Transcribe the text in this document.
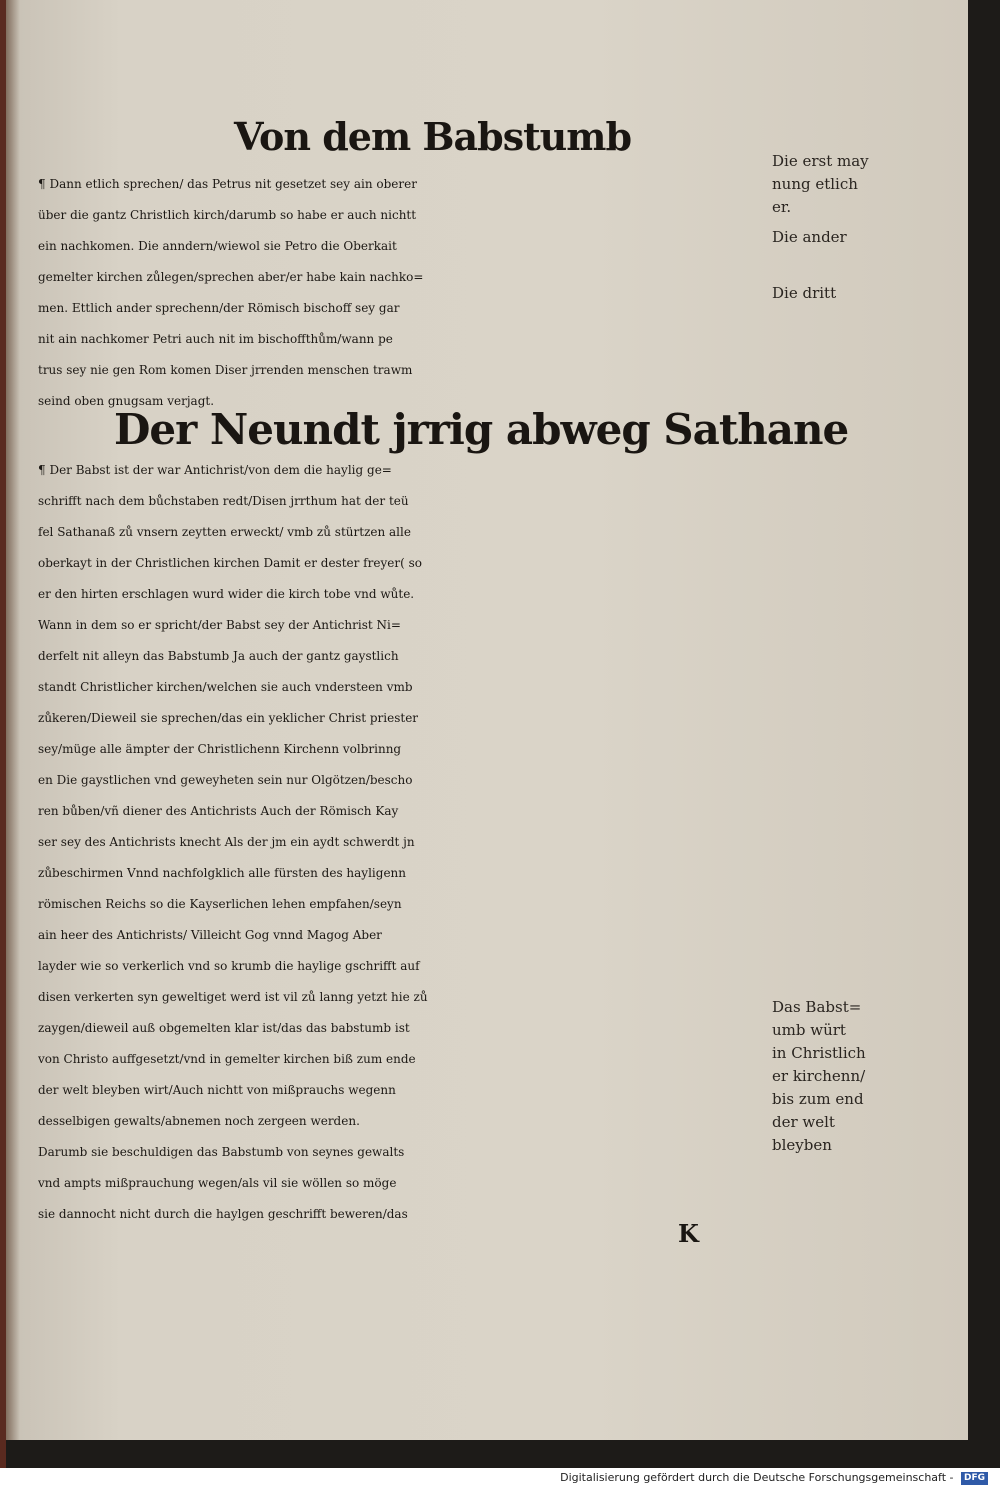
Von dem Babstumb
¶ Dann etlich sprechen/ das Petrus nit gesetzet sey ain oberer
über die gantz Christlich kirch/darumb so habe er auch nichtt
ein nachkomen. Die anndern/wiewol sie Petro die Oberkait
gemelter kirchen zůlegen/sprechen aber/er habe kain nachko=
men. Ettlich ander sprechenn/der Römisch bischoff sey gar
nit ain nachkomer Petri auch nit im bischoffthům/wann pe
trus sey nie gen Rom komen Diser jrrenden menschen trawm
seind oben gnugsam verjagt.
Der Neundt jrrig abweg Sathane
¶ Der Babst ist der war Antichrist/von dem die haylig ge=
schrifft nach dem bůchstaben redt/Disen jrrthum hat der teü
fel Sathanaß zů vnsern zeytten erweckt/ vmb zů stürtzen alle
oberkayt in der Christlichen kirchen Damit er dester freyer( so
er den hirten erschlagen wurd wider die kirch tobe vnd wůte.
Wann in dem so er spricht/der Babst sey der Antichrist Ni=
derfelt nit alleyn das Babstumb Ja auch der gantz gaystlich
standt Christlicher kirchen/welchen sie auch vndersteen vmb
zůkeren/Dieweil sie sprechen/das ein yeklicher Christ priester
sey/müge alle ämpter der Christlichenn Kirchenn volbrinng
en Die gaystlichen vnd geweyheten sein nur Olgötzen/bescho
ren bůben/vñ diener des Antichrists Auch der Römisch Kay
ser sey des Antichrists knecht Als der jm ein aydt schwerdt jn
zůbeschirmen Vnnd nachfolgklich alle fürsten des hayligenn
römischen Reichs so die Kayserlichen lehen empfahen/seyn
ain heer des Antichrists/ Villeicht Gog vnnd Magog Aber
layder wie so verkerlich vnd so krumb die haylige gschrifft auf
disen verkerten syn geweltiget werd ist vil zů lanng yetzt hie zů
zaygen/dieweil auß obgemelten klar ist/das das babstumb ist
von Christo auffgesetzt/vnd in gemelter kirchen biß zum ende
der welt bleyben wirt/Auch nichtt von mißprauchs wegenn
desselbigen gewalts/abnemen noch zergeen werden.
Darumb sie beschuldigen das Babstumb von seynes gewalts
vnd ampts mißprauchung wegen/als vil sie wöllen so möge
sie dannocht nicht durch die haylgen geschrifft beweren/das
Die erst may
nung etlich
er.
Die ander
Die dritt
Das Babst=
umb würt
in Christlich
er kirchenn/
bis zum end
der welt
bleyben
K
Digitalisierung gefördert durch die Deutsche Forschungsgemeinschaft - DFG
